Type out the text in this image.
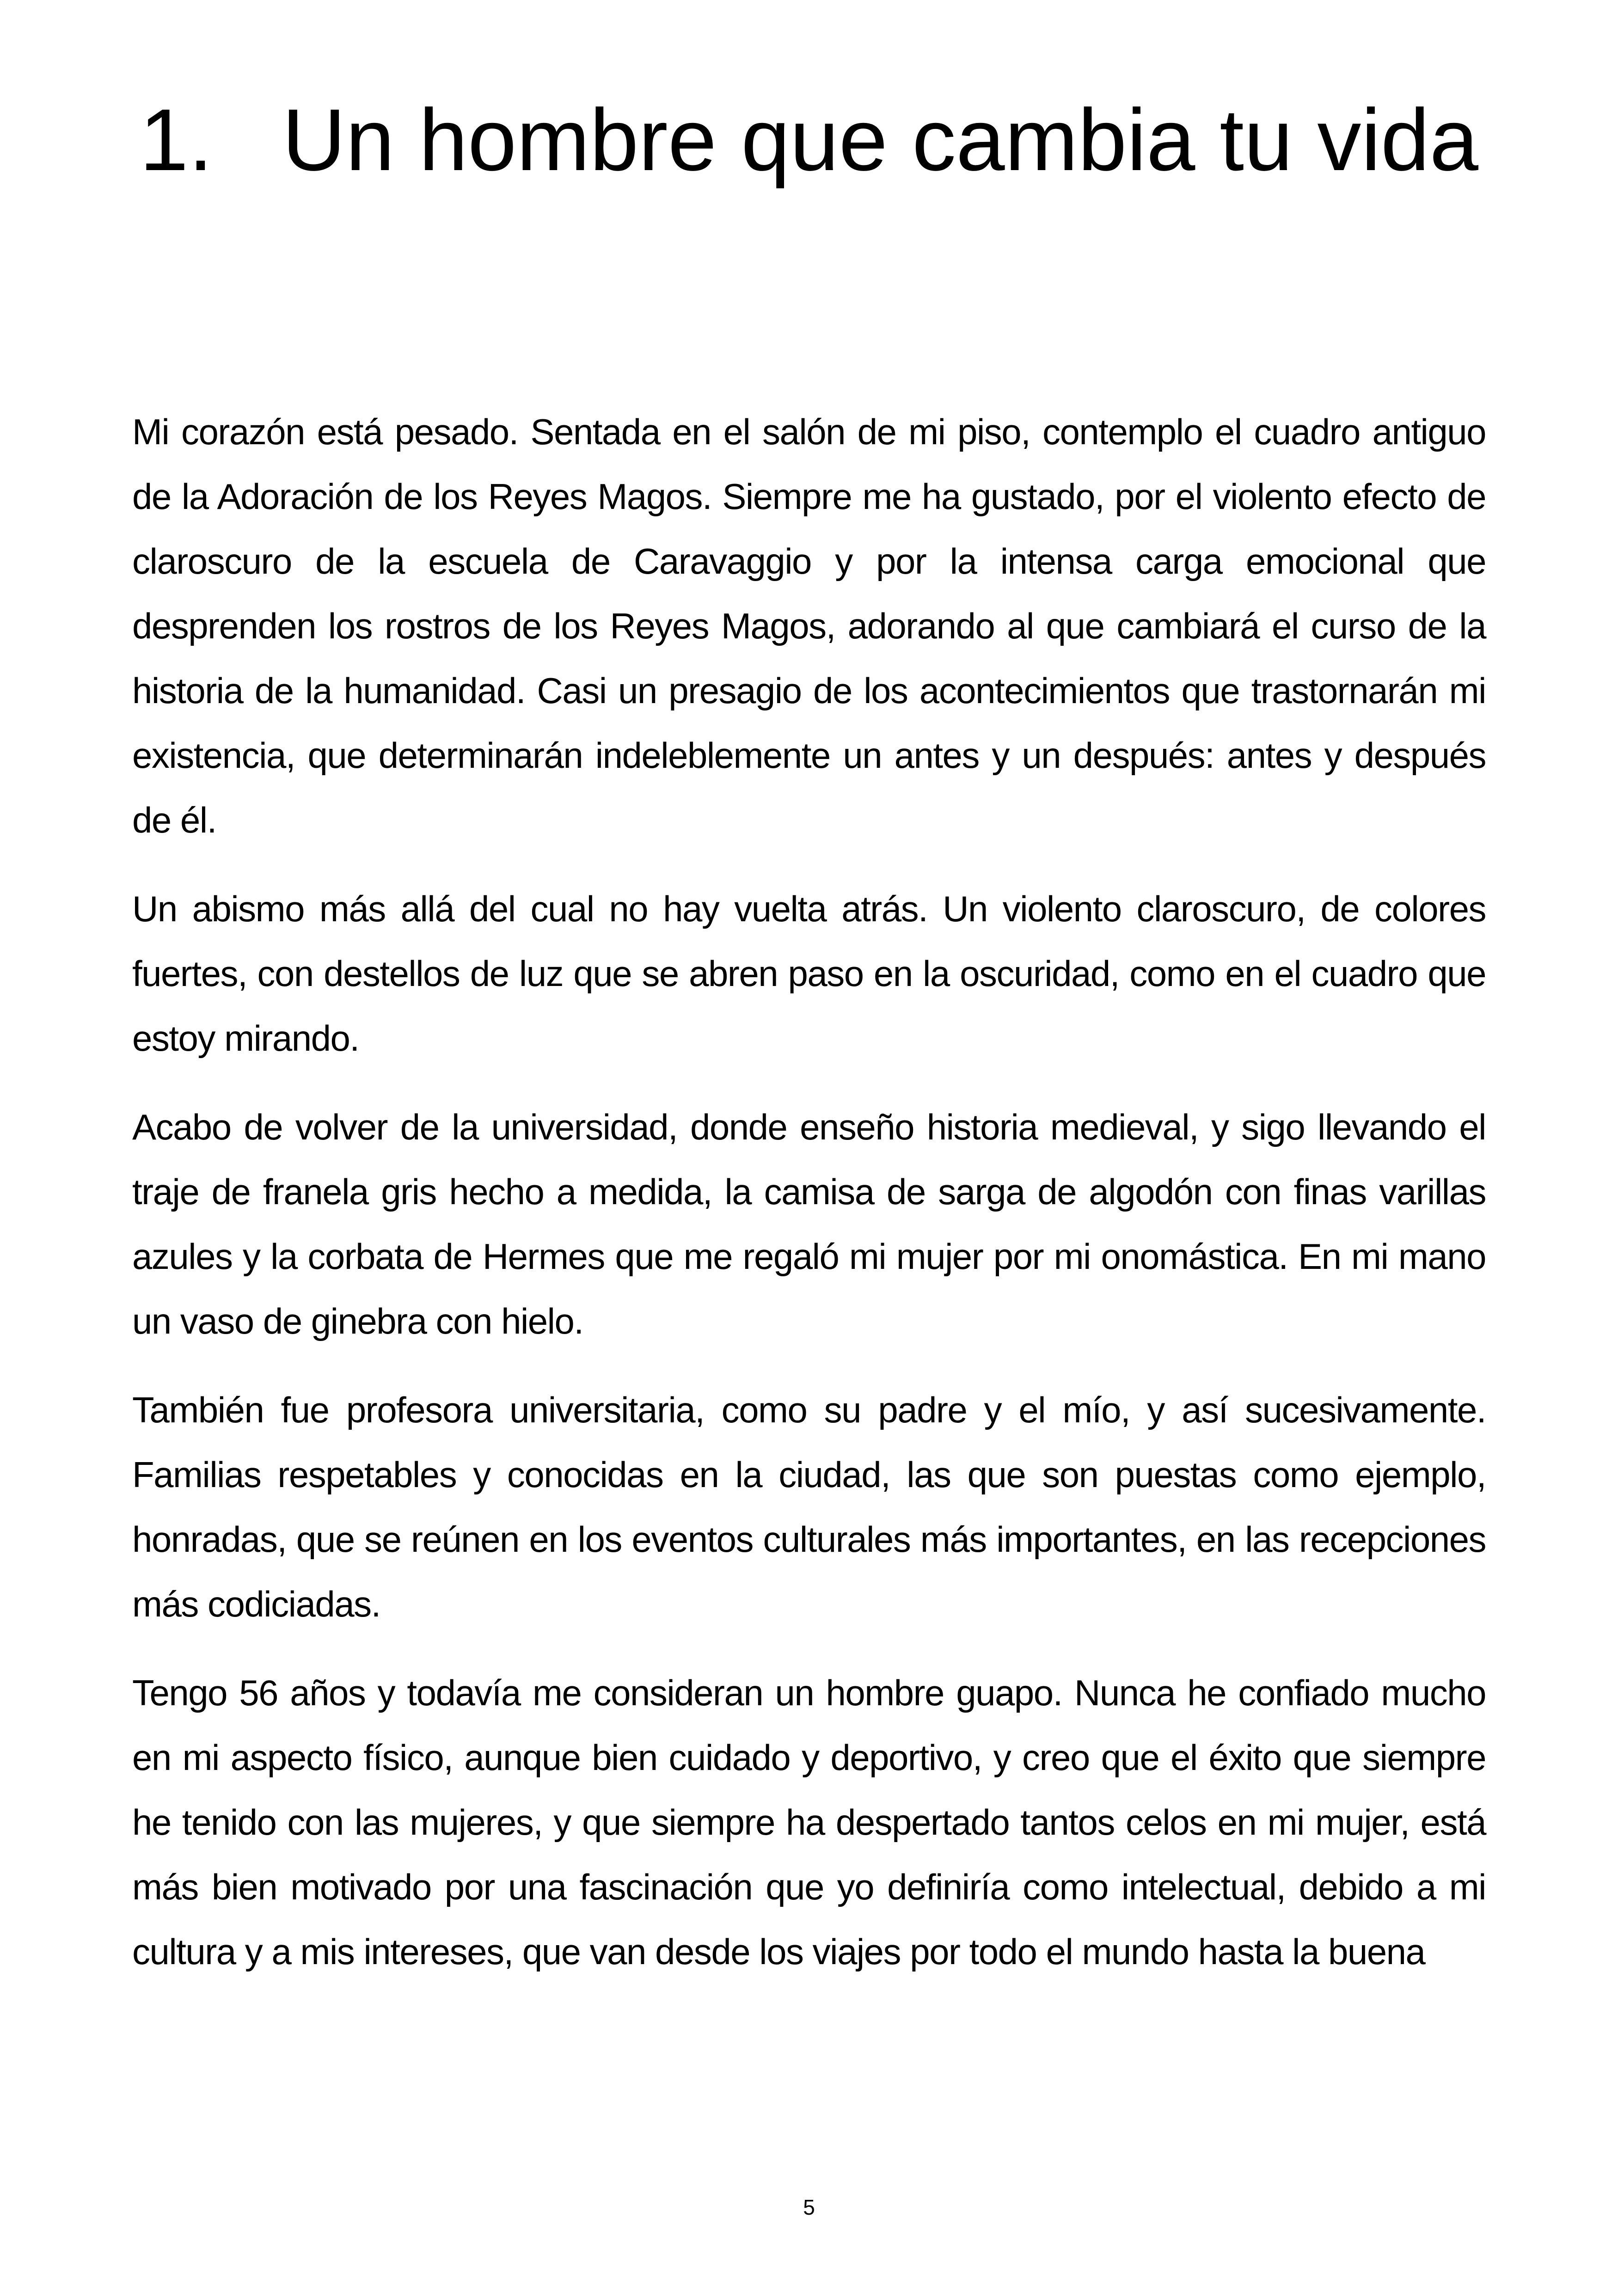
1. Un hombre que cambia tu vida

Mi corazón está pesado. Sentada en el salón de mi piso, contemplo el cuadro antiguo de la Adoración de los Reyes Magos. Siempre me ha gustado, por el violento efecto de claroscuro de la escuela de Caravaggio y por la intensa carga emocional que desprenden los rostros de los Reyes Magos, adorando al que cambiará el curso de la historia de la humanidad. Casi un presagio de los acontecimientos que trastornarán mi existencia, que determinarán indeleblemente un antes y un después: antes y después de él.

Un abismo más allá del cual no hay vuelta atrás. Un violento claroscuro, de colores fuertes, con destellos de luz que se abren paso en la oscuridad, como en el cuadro que estoy mirando.

Acabo de volver de la universidad, donde enseño historia medieval, y sigo llevando el traje de franela gris hecho a medida, la camisa de sarga de algodón con finas varillas azules y la corbata de Hermes que me regaló mi mujer por mi onomástica. En mi mano un vaso de ginebra con hielo.

También fue profesora universitaria, como su padre y el mío, y así sucesivamente. Familias respetables y conocidas en la ciudad, las que son puestas como ejemplo, honradas, que se reúnen en los eventos culturales más importantes, en las recepciones más codiciadas.

Tengo 56 años y todavía me consideran un hombre guapo. Nunca he confiado mucho en mi aspecto físico, aunque bien cuidado y deportivo, y creo que el éxito que siempre he tenido con las mujeres, y que siempre ha despertado tantos celos en mi mujer, está más bien motivado por una fascinación que yo definiría como intelectual, debido a mi cultura y a mis intereses, que van desde los viajes por todo el mundo hasta la buena

5
